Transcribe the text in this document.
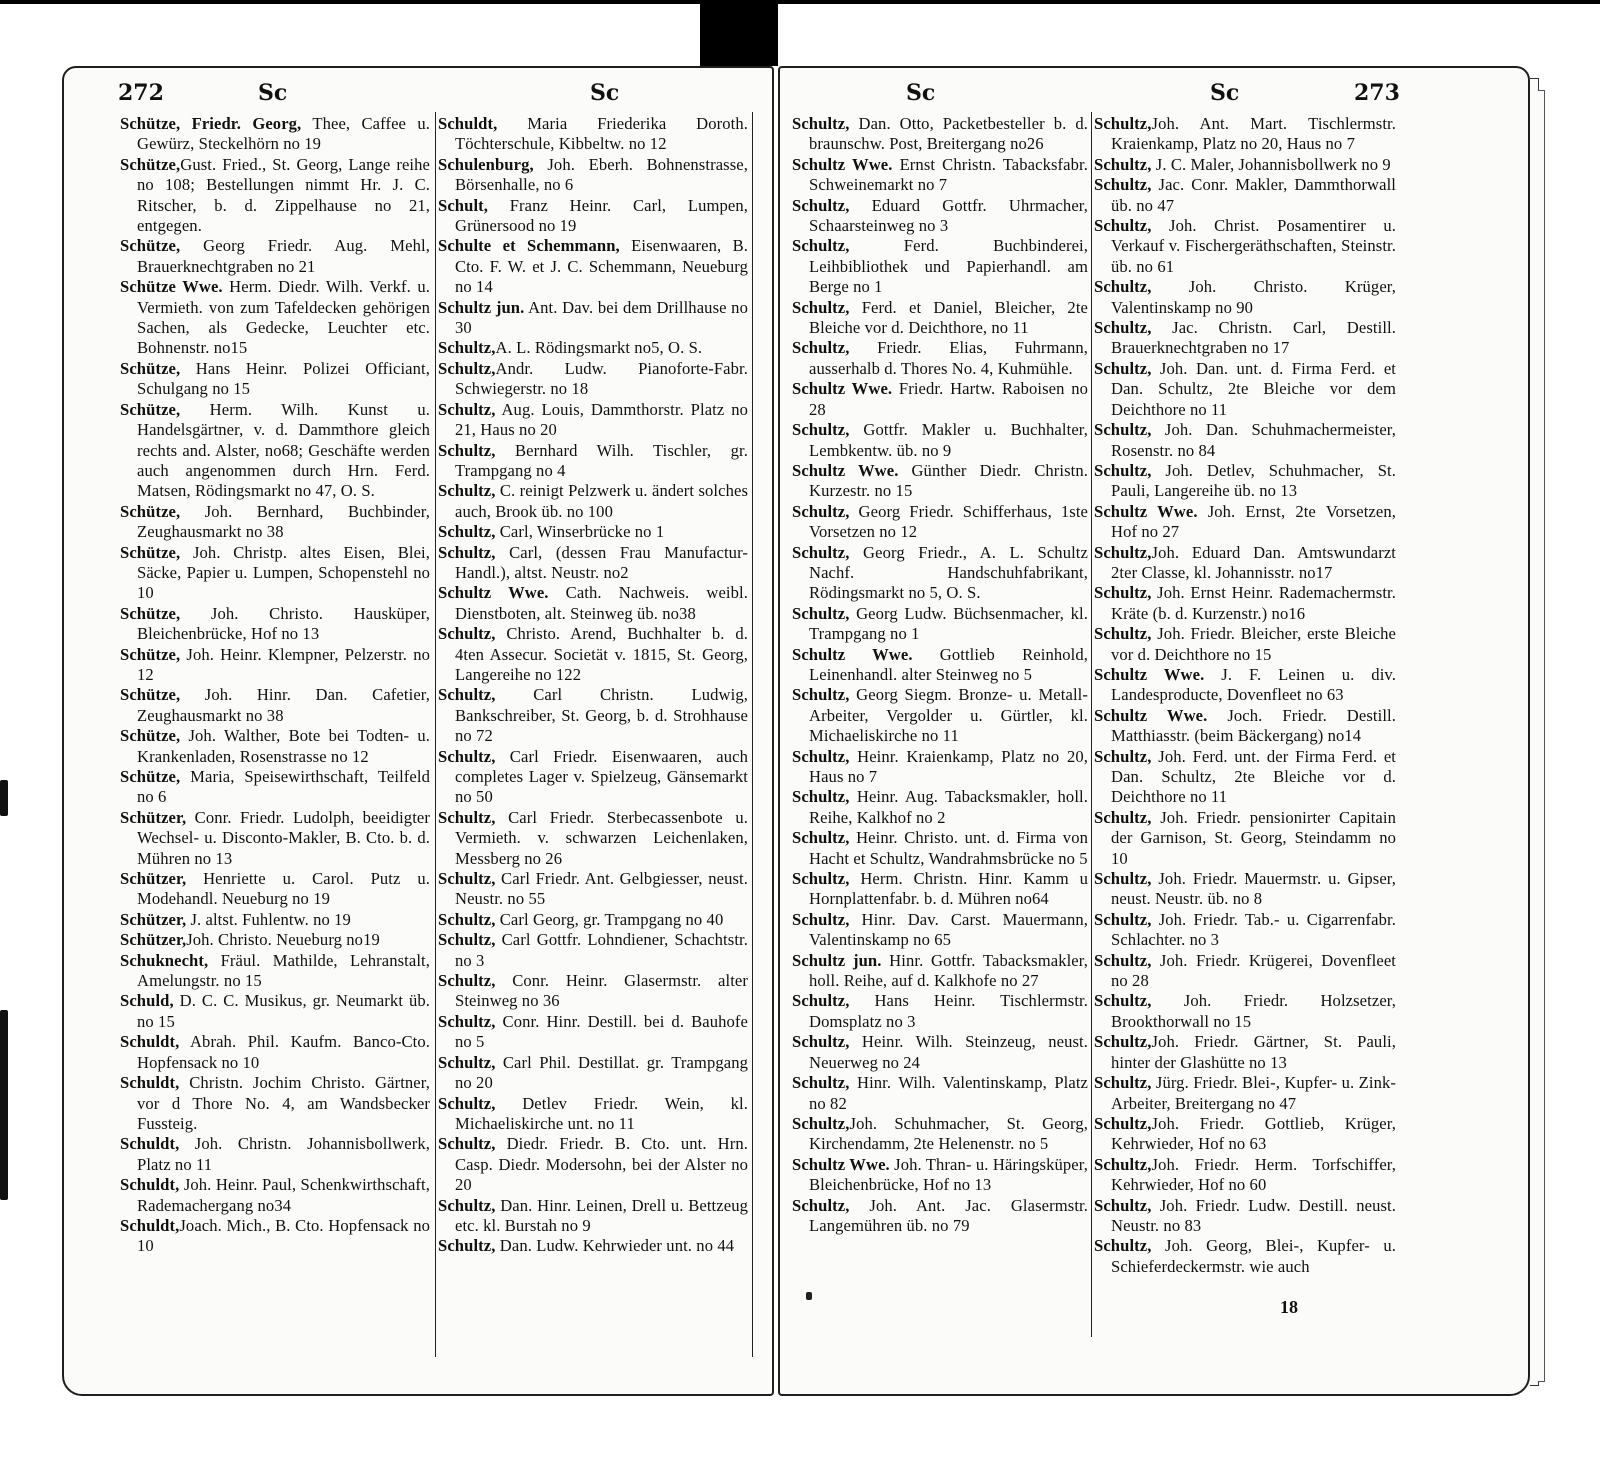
272	Sc	Sc

Schütze, Friedr. Georg, Thee, Caffee u. Gewürz, Steckelhörn no 19

Schütze,Gust. Fried., St. Georg, Lange reihe no 108; Bestellungen nimmt Hr. J. C. Ritscher, b. d. Zippelhause no 21, entgegen.

Schütze, Georg Friedr. Aug. Mehl, Brauerknechtgraben no 21

Schütze Wwe. Herm. Diedr. Wilh. Verkf. u. Vermieth. von zum Tafeldecken gehörigen Sachen, als Gedecke, Leuchter etc. Bohnenstr. no15

Schütze, Hans Heinr. Polizei Officiant, Schulgang no 15

Schütze, Herm. Wilh. Kunst u. Handelsgärtner, v. d. Dammthore gleich rechts and. Alster, no68; Geschäfte werden auch angenommen durch Hrn. Ferd. Matsen, Rödingsmarkt no 47, O. S.

Schütze, Joh. Bernhard, Buchbinder, Zeughausmarkt no 38

Schütze, Joh. Christp. altes Eisen, Blei, Säcke, Papier u. Lumpen, Schopenstehl no 10

Schütze, Joh. Christo. Hausküper, Bleichenbrücke, Hof no 13

Schütze, Joh. Heinr. Klempner, Pelzerstr. no 12

Schütze, Joh. Hinr. Dan. Cafetier, Zeughausmarkt no 38

Schütze, Joh. Walther, Bote bei Todten- u. Krankenladen, Rosenstrasse no 12

Schütze, Maria, Speisewirthschaft, Teilfeld no 6

Schützer, Conr. Friedr. Ludolph, beeidigter Wechsel- u. Disconto-Makler, B. Cto. b. d. Mühren no 13

Schützer, Henriette u. Carol. Putz u. Modehandl. Neueburg no 19

Schützer, J. altst. Fuhlentw. no 19

Schützer,Joh. Christo. Neueburg no19

Schuknecht, Fräul. Mathilde, Lehranstalt, Amelungstr. no 15

Schuld, D. C. C. Musikus, gr. Neumarkt üb. no 15

Schuldt, Abrah. Phil. Kaufm. Banco-Cto. Hopfensack no 10

Schuldt, Christn. Jochim Christo. Gärtner, vor d Thore No. 4, am Wandsbecker Fussteig.

Schuldt, Joh. Christn. Johannisbollwerk, Platz no 11

Schuldt, Joh. Heinr. Paul, Schenkwirthschaft, Rademachergang no34

Schuldt,Joach. Mich., B. Cto. Hopfensack no 10

Schuldt, Maria Friederika Doroth. Töchterschule, Kibbeltw. no 12

Schulenburg, Joh. Eberh. Bohnenstrasse, Börsenhalle, no 6

Schult, Franz Heinr. Carl, Lumpen, Grünersood no 19

Schulte et Schemmann, Eisenwaaren, B. Cto. F. W. et J. C. Schemmann, Neueburg no 14

Schultz jun. Ant. Dav. bei dem Drillhause no 30

Schultz,A. L. Rödingsmarkt no5, O. S.

Schultz,Andr. Ludw. Pianoforte-Fabr. Schwiegerstr. no 18

Schultz, Aug. Louis, Dammthorstr. Platz no 21, Haus no 20

Schultz, Bernhard Wilh. Tischler, gr. Trampgang no 4

Schultz, C. reinigt Pelzwerk u. ändert solches auch, Brook üb. no 100

Schultz, Carl, Winserbrücke no 1

Schultz, Carl, (dessen Frau Manufactur-Handl.), altst. Neustr. no2

Schultz Wwe. Cath. Nachweis. weibl. Dienstboten, alt. Steinweg üb. no38

Schultz, Christo. Arend, Buchhalter b. d. 4ten Assecur. Societät v. 1815, St. Georg, Langereihe no 122

Schultz, Carl Christn. Ludwig, Bankschreiber, St. Georg, b. d. Strohhause no 72

Schultz, Carl Friedr. Eisenwaaren, auch completes Lager v. Spielzeug, Gänsemarkt no 50

Schultz, Carl Friedr. Sterbecassenbote u. Vermieth. v. schwarzen Leichenlaken, Messberg no 26

Schultz, Carl Friedr. Ant. Gelbgiesser, neust. Neustr. no 55

Schultz, Carl Georg, gr. Trampgang no 40

Schultz, Carl Gottfr. Lohndiener, Schachtstr. no 3

Schultz, Conr. Heinr. Glasermstr. alter Steinweg no 36

Schultz, Conr. Hinr. Destill. bei d. Bauhofe no 5

Schultz, Carl Phil. Destillat. gr. Trampgang no 20

Schultz, Detlev Friedr. Wein, kl. Michaeliskirche unt. no 11

Schultz, Diedr. Friedr. B. Cto. unt. Hrn. Casp. Diedr. Modersohn, bei der Alster no 20

Schultz, Dan. Hinr. Leinen, Drell u. Bettzeug etc. kl. Burstah no 9

Schultz, Dan. Ludw. Kehrwieder unt. no 44

Sc	Sc	273

Schultz, Dan. Otto, Packetbesteller b. d. braunschw. Post, Breitergang no26

Schultz Wwe. Ernst Christn. Tabacksfabr. Schweinemarkt no 7

Schultz, Eduard Gottfr. Uhrmacher, Schaarsteinweg no 3

Schultz, Ferd. Buchbinderei, Leihbibliothek und Papierhandl. am Berge no 1

Schultz, Ferd. et Daniel, Bleicher, 2te Bleiche vor d. Deichthore, no 11

Schultz, Friedr. Elias, Fuhrmann, ausserhalb d. Thores No. 4, Kuhmühle.

Schultz Wwe. Friedr. Hartw. Raboisen no 28

Schultz, Gottfr. Makler u. Buchhalter, Lembkentw. üb. no 9

Schultz Wwe. Günther Diedr. Christn. Kurzestr. no 15

Schultz, Georg Friedr. Schifferhaus, 1ste Vorsetzen no 12

Schultz, Georg Friedr., A. L. Schultz Nachf. Handschuhfabrikant, Rödingsmarkt no 5, O. S.

Schultz, Georg Ludw. Büchsenmacher, kl. Trampgang no 1

Schultz Wwe. Gottlieb Reinhold, Leinenhandl. alter Steinweg no 5

Schultz, Georg Siegm. Bronze- u. Metall-Arbeiter, Vergolder u. Gürtler, kl. Michaeliskirche no 11

Schultz, Heinr. Kraienkamp, Platz no 20, Haus no 7

Schultz, Heinr. Aug. Tabacksmakler, holl. Reihe, Kalkhof no 2

Schultz, Heinr. Christo. unt. d. Firma von Hacht et Schultz, Wandrahmsbrücke no 5

Schultz, Herm. Christn. Hinr. Kamm u Hornplattenfabr. b. d. Mühren no64

Schultz, Hinr. Dav. Carst. Mauermann, Valentinskamp no 65

Schultz jun. Hinr. Gottfr. Tabacksmakler, holl. Reihe, auf d. Kalkhofe no 27

Schultz, Hans Heinr. Tischlermstr. Domsplatz no 3

Schultz, Heinr. Wilh. Steinzeug, neust. Neuerweg no 24

Schultz, Hinr. Wilh. Valentinskamp, Platz no 82

Schultz,Joh. Schuhmacher, St. Georg, Kirchendamm, 2te Helenenstr. no 5

Schultz Wwe. Joh. Thran- u. Häringsküper, Bleichenbrücke, Hof no 13

Schultz, Joh. Ant. Jac. Glasermstr. Langemühren üb. no 79

Schultz,Joh. Ant. Mart. Tischlermstr. Kraienkamp, Platz no 20, Haus no 7

Schultz, J. C. Maler, Johannisbollwerk no 9

Schultz, Jac. Conr. Makler, Dammthorwall üb. no 47

Schultz, Joh. Christ. Posamentirer u. Verkauf v. Fischergeräthschaften, Steinstr. üb. no 61

Schultz, Joh. Christo. Krüger, Valentinskamp no 90

Schultz, Jac. Christn. Carl, Destill. Brauerknechtgraben no 17

Schultz, Joh. Dan. unt. d. Firma Ferd. et Dan. Schultz, 2te Bleiche vor dem Deichthore no 11

Schultz, Joh. Dan. Schuhmachermeister, Rosenstr. no 84

Schultz, Joh. Detlev, Schuhmacher, St. Pauli, Langereihe üb. no 13

Schultz Wwe. Joh. Ernst, 2te Vorsetzen, Hof no 27

Schultz,Joh. Eduard Dan. Amtswundarzt 2ter Classe, kl. Johannisstr. no17

Schultz, Joh. Ernst Heinr. Rademachermstr. Kräte (b. d. Kurzenstr.) no16

Schultz, Joh. Friedr. Bleicher, erste Bleiche vor d. Deichthore no 15

Schultz Wwe. J. F. Leinen u. div. Landesproducte, Dovenfleet no 63

Schultz Wwe. Joch. Friedr. Destill. Matthiasstr. (beim Bäckergang) no14

Schultz, Joh. Ferd. unt. der Firma Ferd. et Dan. Schultz, 2te Bleiche vor d. Deichthore no 11

Schultz, Joh. Friedr. pensionirter Capitain der Garnison, St. Georg, Steindamm no 10

Schultz, Joh. Friedr. Mauermstr. u. Gipser, neust. Neustr. üb. no 8

Schultz, Joh. Friedr. Tab.- u. Cigarrenfabr. Schlachter. no 3

Schultz, Joh. Friedr. Krügerei, Dovenfleet no 28

Schultz, Joh. Friedr. Holzsetzer, Brookthorwall no 15

Schultz,Joh. Friedr. Gärtner, St. Pauli, hinter der Glashütte no 13

Schultz, Jürg. Friedr. Blei-, Kupfer- u. Zink-Arbeiter, Breitergang no 47

Schultz,Joh. Friedr. Gottlieb, Krüger, Kehrwieder, Hof no 63

Schultz,Joh. Friedr. Herm. Torfschiffer, Kehrwieder, Hof no 60

Schultz, Joh. Friedr. Ludw. Destill. neust. Neustr. no 83

Schultz, Joh. Georg, Blei-, Kupfer- u. Schieferdeckermstr. wie auch

18
